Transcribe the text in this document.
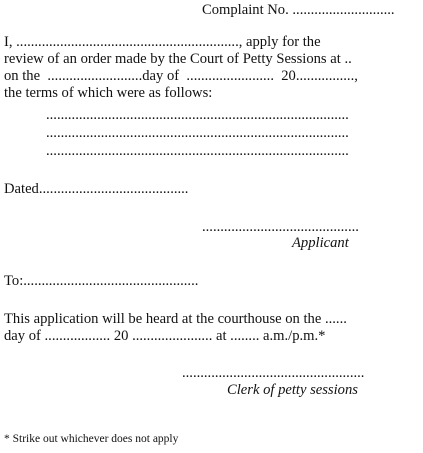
Complaint No. ............................
I, ............................................................., apply for the
review of an order made by the Court of Petty Sessions at ..
on the  ..........................day of  ........................  20................,
the terms of which were as follows:
...................................................................................
...................................................................................
...................................................................................
Dated.........................................
...........................................
Applicant
To:................................................
This application will be heard at the courthouse on the ......
day of .................. 20 ...................... at ........ a.m./p.m.*
..................................................
Clerk of petty sessions
* Strike out whichever does not apply
